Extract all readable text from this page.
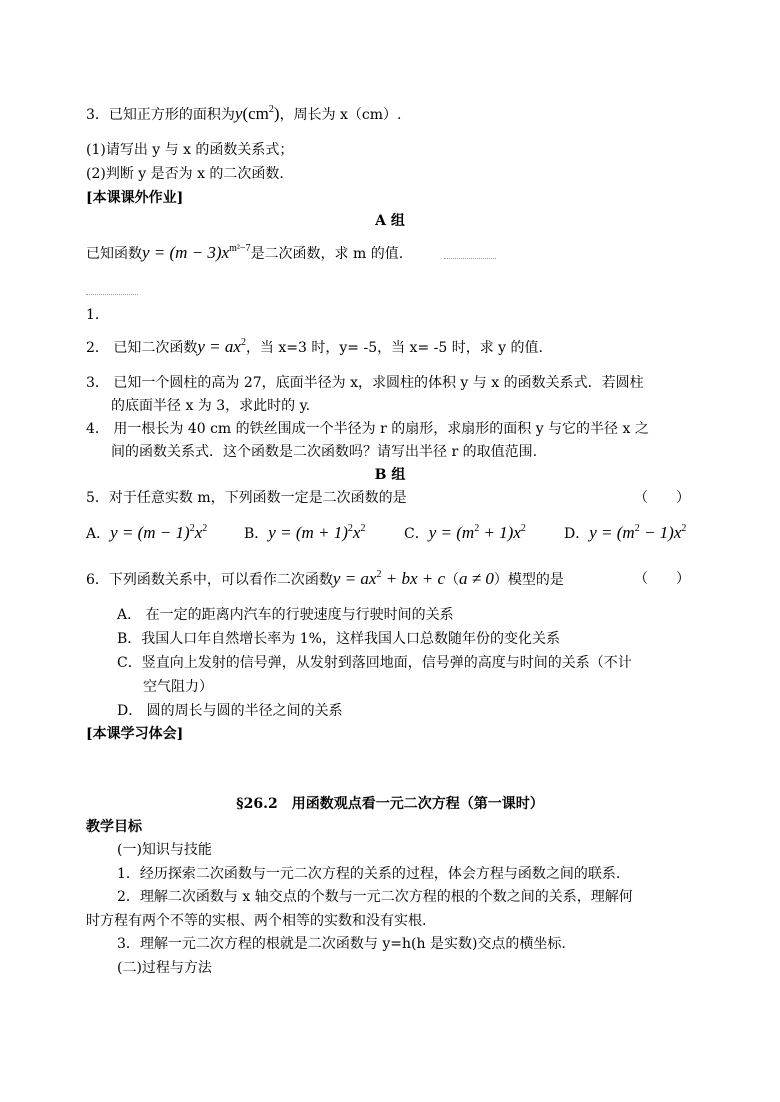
3．已知正方形的面积为$y(cm^2)$，周长为 x（cm）.
(1)请写出 y 与 x 的函数关系式；
(2)判断 y 是否为 x 的二次函数.
[本课课外作业]
A 组
已知函数$y = (m - 3)x^{m^2-7}$是二次函数，求 m 的值.
1．
2． 已知二次函数$y = ax^2$，当 x=3 时，y= -5，当 x= -5 时，求 y 的值.
3． 已知一个圆柱的高为 27，底面半径为 x，求圆柱的体积 y 与 x 的函数关系式．若圆柱
的底面半径 x 为 3，求此时的 y.
4． 用一根长为 40 cm 的铁丝围成一个半径为 r 的扇形，求扇形的面积 y 与它的半径 x 之
间的函数关系式．这个函数是二次函数吗？请写出半径 r 的取值范围.
B 组
5．对于任意实数 m，下列函数一定是二次函数的是	（　　）
A．$y = (m - 1)^2x^2$	B．$y = (m + 1)^2x^2$	C．$y = (m^2 + 1)x^2$	D．$y = (m^2 - 1)x^2$
6．下列函数关系中，可以看作二次函数$y = ax^2$ + bx + c（a ≠ 0）模型的是	（　　）
A． 在一定的距离内汽车的行驶速度与行驶时间的关系
B．我国人口年自然增长率为 1%，这样我国人口总数随年份的变化关系
C．竖直向上发射的信号弹，从发射到落回地面，信号弹的高度与时间的关系（不计
空气阻力）
D． 圆的周长与圆的半径之间的关系
[本课学习体会]
§26.2　用函数观点看一元二次方程（第一课时）
教学目标
(一)知识与技能
1．经历探索二次函数与一元二次方程的关系的过程，体会方程与函数之间的联系.
2．理解二次函数与 x 轴交点的个数与一元二次方程的根的个数之间的关系，理解何
时方程有两个不等的实根、两个相等的实数和没有实根.
3．理解一元二次方程的根就是二次函数与 y=h(h 是实数)交点的横坐标.
(二)过程与方法
